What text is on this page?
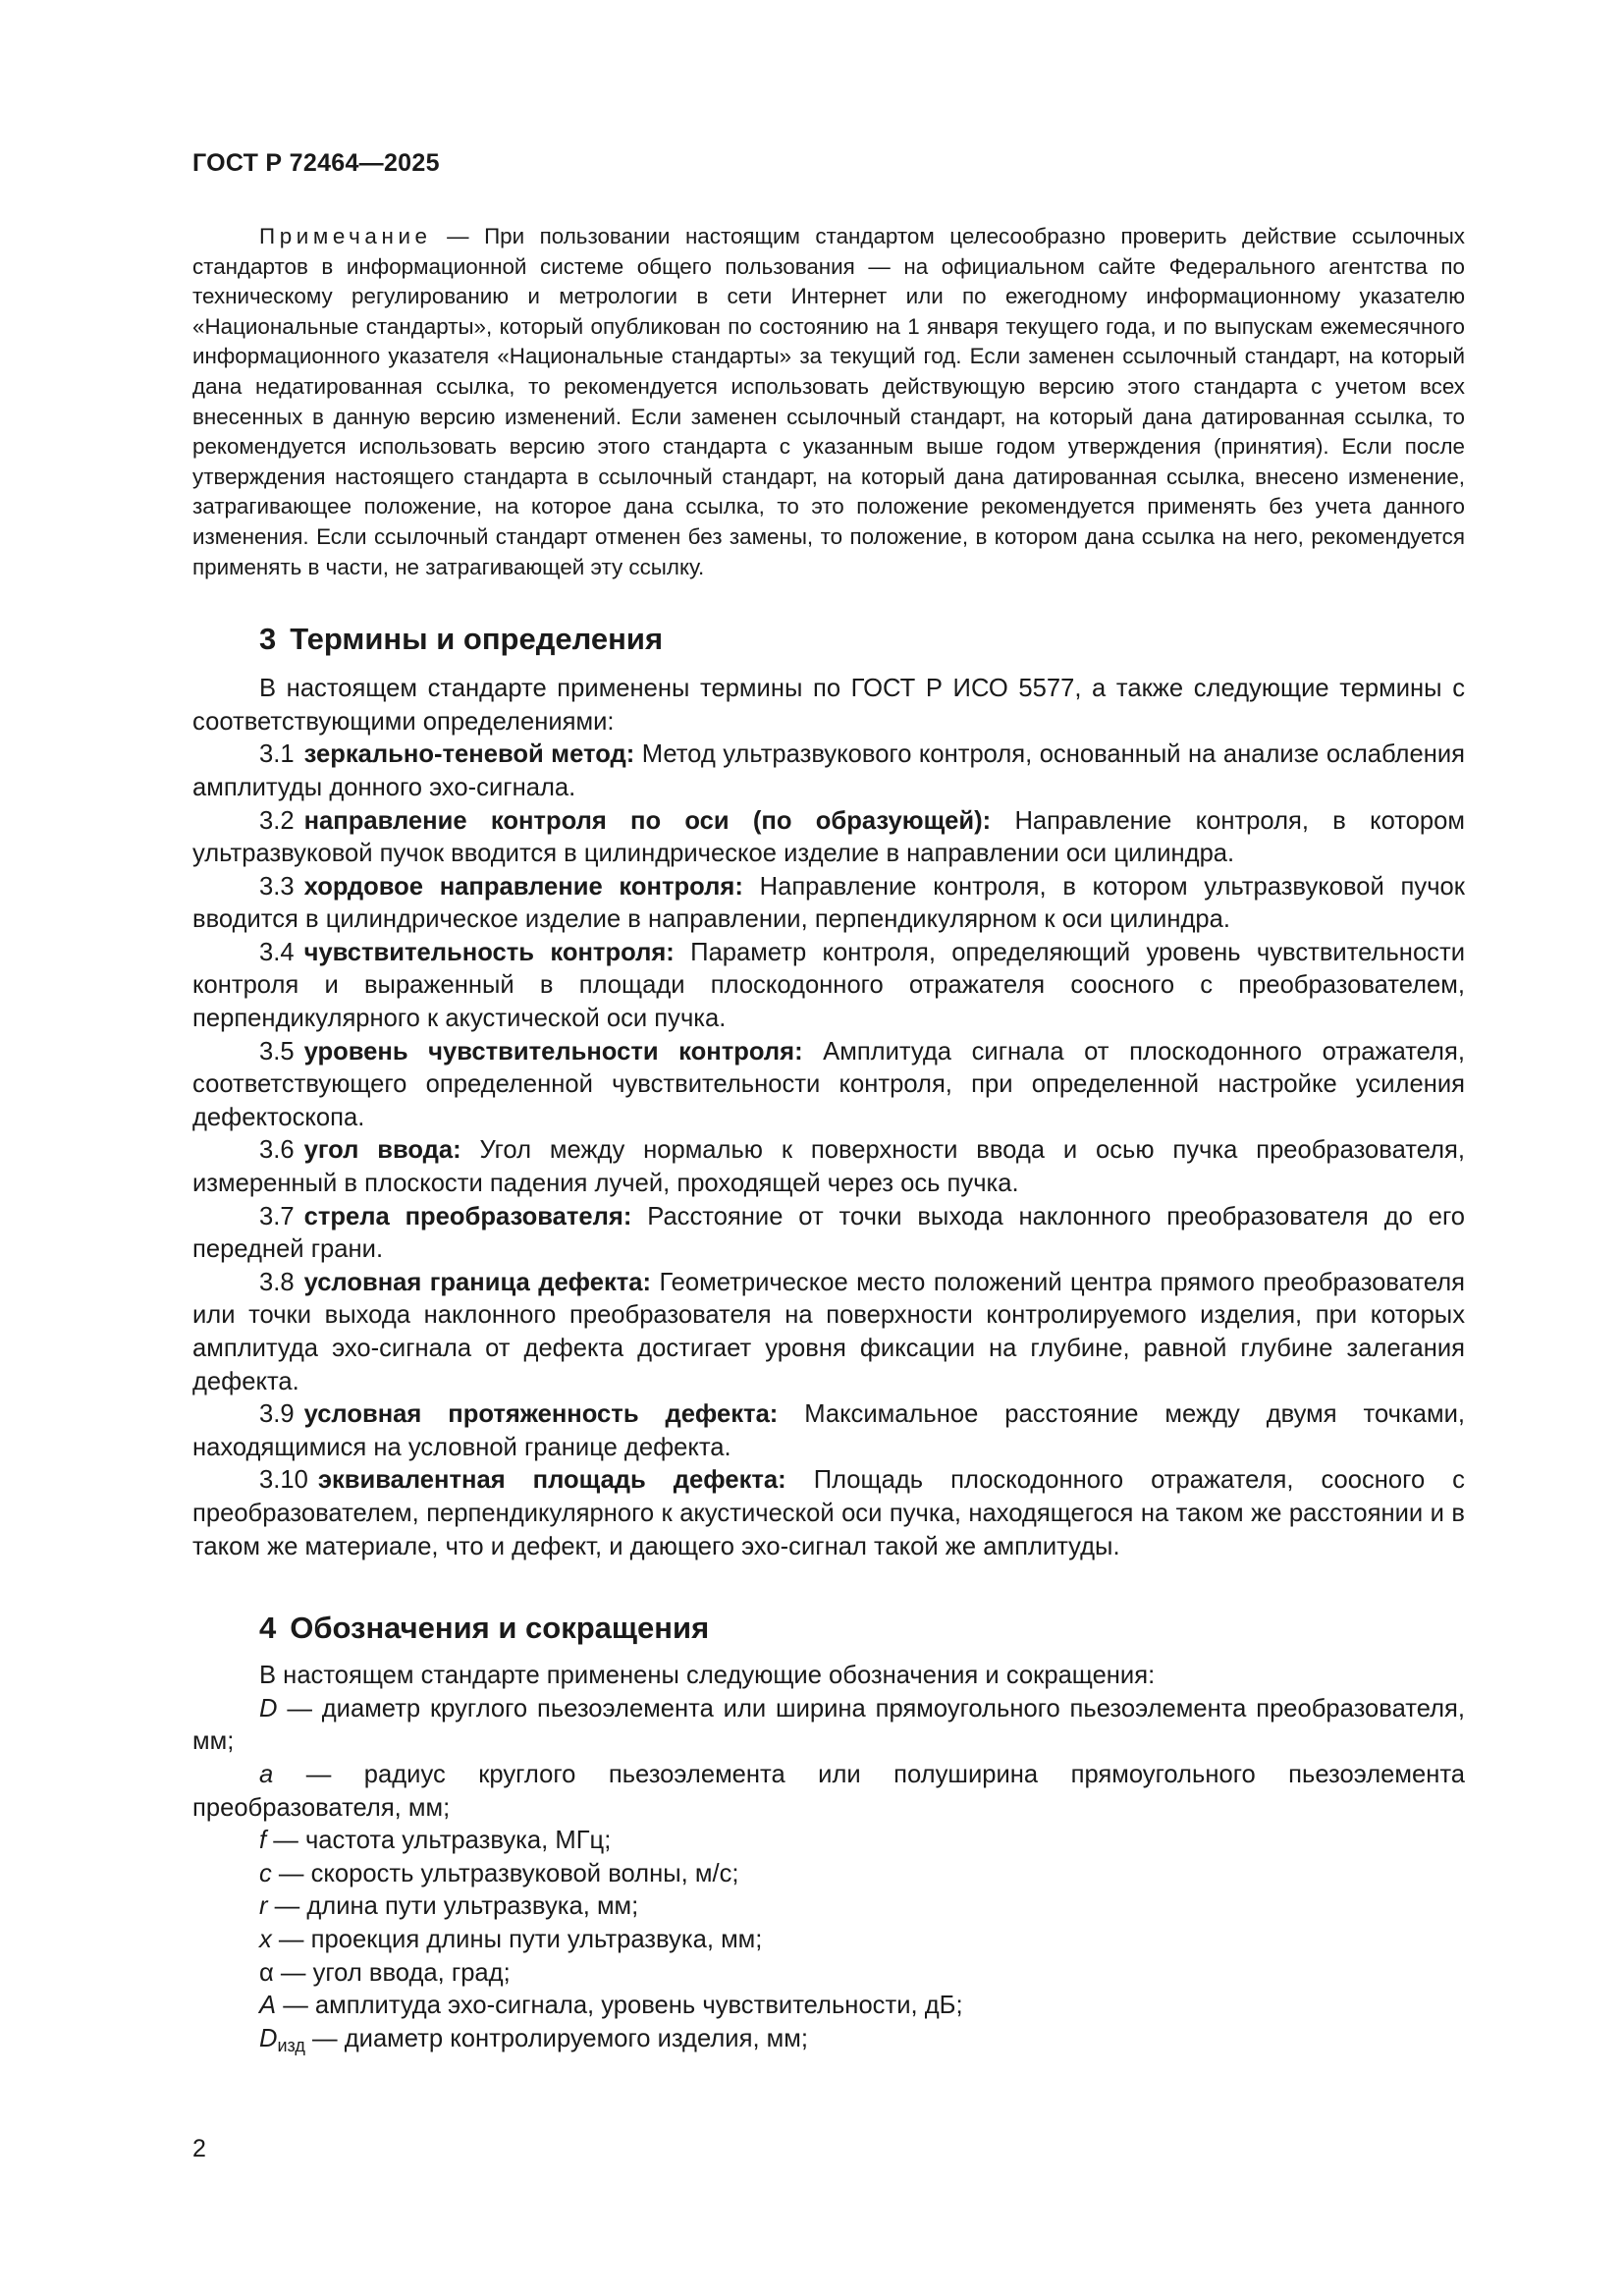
ГОСТ Р 72464—2025

Примечание — При пользовании настоящим стандартом целесообразно проверить действие ссылочных стандартов в информационной системе общего пользования — на официальном сайте Федерального агентства по техническому регулированию и метрологии в сети Интернет или по ежегодному информационному указателю «Национальные стандарты», который опубликован по состоянию на 1 января текущего года, и по выпускам ежемесячного информационного указателя «Национальные стандарты» за текущий год. Если заменен ссылочный стандарт, на который дана недатированная ссылка, то рекомендуется использовать действующую версию этого стандарта с учетом всех внесенных в данную версию изменений. Если заменен ссылочный стандарт, на который дана датированная ссылка, то рекомендуется использовать версию этого стандарта с указанным выше годом утверждения (принятия). Если после утверждения настоящего стандарта в ссылочный стандарт, на который дана датированная ссылка, внесено изменение, затрагивающее положение, на которое дана ссылка, то это положение рекомендуется применять без учета данного изменения. Если ссылочный стандарт отменен без замены, то положение, в котором дана ссылка на него, рекомендуется применять в части, не затрагивающей эту ссылку.

3 Термины и определения

В настоящем стандарте применены термины по ГОСТ Р ИСО 5577, а также следующие термины с соответствующими определениями:

3.1 зеркально-теневой метод: Метод ультразвукового контроля, основанный на анализе ослабления амплитуды донного эхо-сигнала.

3.2 направление контроля по оси (по образующей): Направление контроля, в котором ультразвуковой пучок вводится в цилиндрическое изделие в направлении оси цилиндра.

3.3 хордовое направление контроля: Направление контроля, в котором ультразвуковой пучок вводится в цилиндрическое изделие в направлении, перпендикулярном к оси цилиндра.

3.4 чувствительность контроля: Параметр контроля, определяющий уровень чувствительности контроля и выраженный в площади плоскодонного отражателя соосного с преобразователем, перпендикулярного к акустической оси пучка.

3.5 уровень чувствительности контроля: Амплитуда сигнала от плоскодонного отражателя, соответствующего определенной чувствительности контроля, при определенной настройке усиления дефектоскопа.

3.6 угол ввода: Угол между нормалью к поверхности ввода и осью пучка преобразователя, измеренный в плоскости падения лучей, проходящей через ось пучка.

3.7 стрела преобразователя: Расстояние от точки выхода наклонного преобразователя до его передней грани.

3.8 условная граница дефекта: Геометрическое место положений центра прямого преобразователя или точки выхода наклонного преобразователя на поверхности контролируемого изделия, при которых амплитуда эхо-сигнала от дефекта достигает уровня фиксации на глубине, равной глубине залегания дефекта.

3.9 условная протяженность дефекта: Максимальное расстояние между двумя точками, находящимися на условной границе дефекта.

3.10 эквивалентная площадь дефекта: Площадь плоскодонного отражателя, соосного с преобразователем, перпендикулярного к акустической оси пучка, находящегося на таком же расстоянии и в таком же материале, что и дефект, и дающего эхо-сигнал такой же амплитуды.

4 Обозначения и сокращения

В настоящем стандарте применены следующие обозначения и сокращения:

D — диаметр круглого пьезоэлемента или ширина прямоугольного пьезоэлемента преобразователя, мм;

a — радиус круглого пьезоэлемента или полуширина прямоугольного пьезоэлемента преобразователя, мм;

f — частота ультразвука, МГц;

c — скорость ультразвуковой волны, м/с;

r — длина пути ультразвука, мм;

x — проекция длины пути ультразвука, мм;

α — угол ввода, град;

A — амплитуда эхо-сигнала, уровень чувствительности, дБ;

$D_{изд}$ — диаметр контролируемого изделия, мм;

2
